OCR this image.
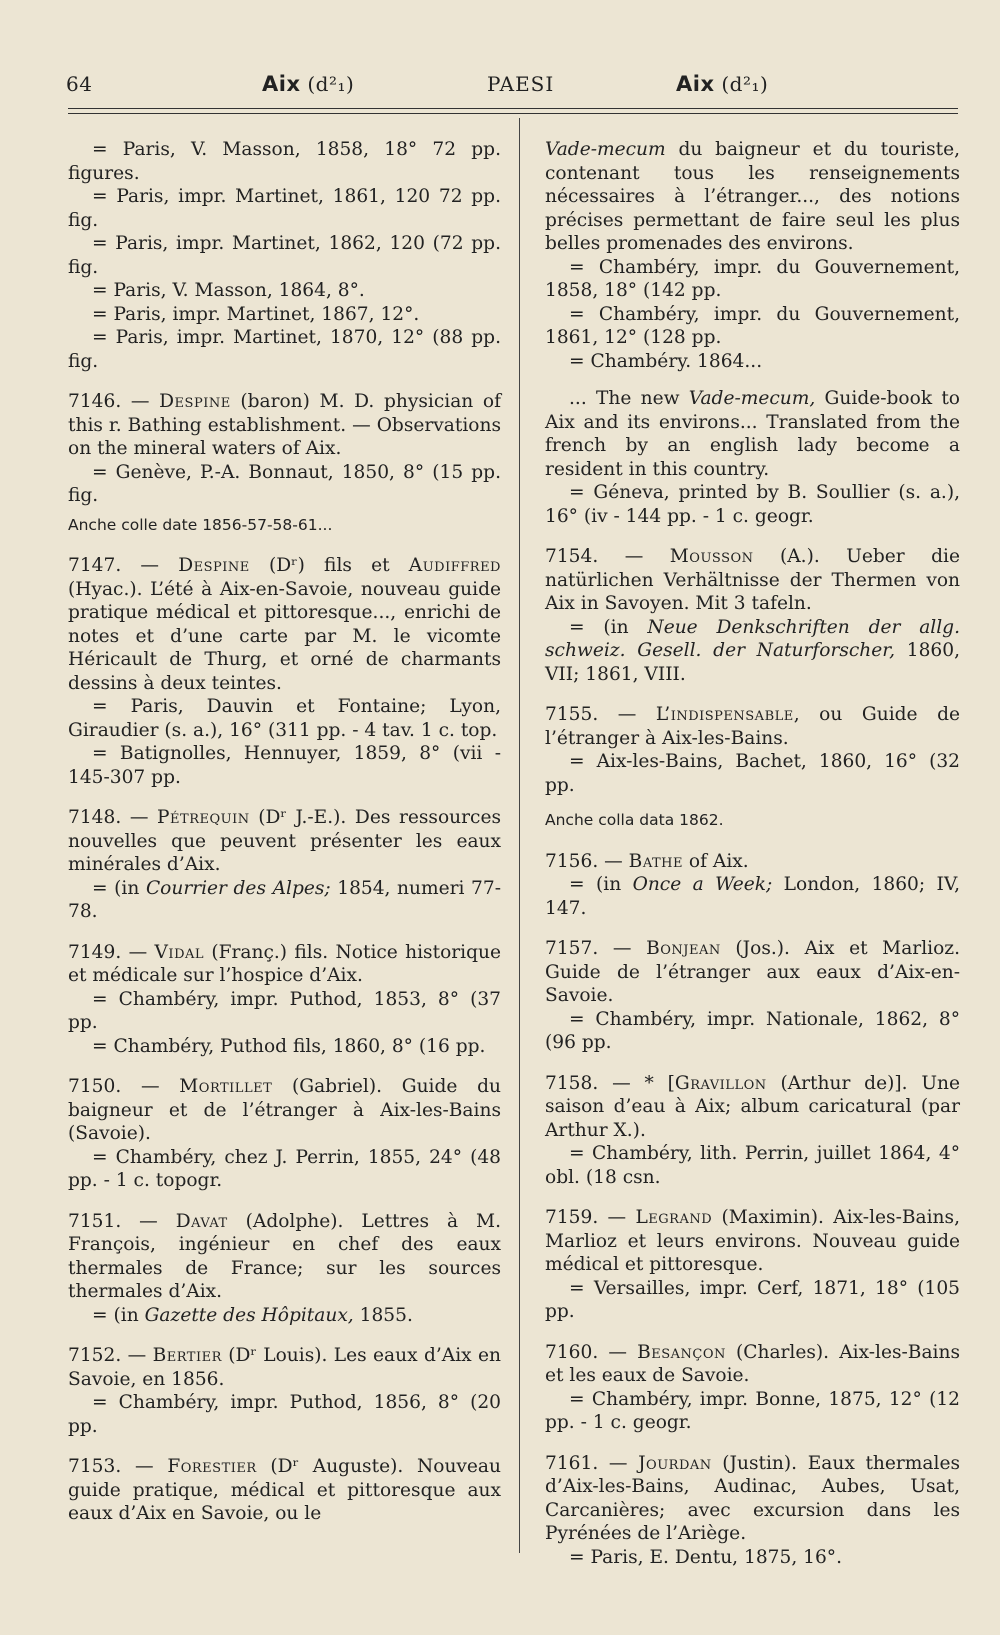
64	Aix (d²₁)	PAESI	Aix (d²₁)

= Paris, V. Masson, 1858, 18° 72 pp. figures.

= Paris, impr. Martinet, 1861, 120 72 pp. fig.

= Paris, impr. Martinet, 1862, 120 (72 pp. fig.

= Paris, V. Masson, 1864, 8°.

= Paris, impr. Martinet, 1867, 12°.

= Paris, impr. Martinet, 1870, 12° (88 pp. fig.

7146. — Despine (baron) M. D. physician of this r. Bathing establishment. — Observations on the mineral waters of Aix.

= Genève, P.-A. Bonnaut, 1850, 8° (15 pp. fig.

Anche colle date 1856-57-58-61...

7147. — Despine (Dʳ) fils et Audiffred (Hyac.). L’été à Aix-en-Savoie, nouveau guide pratique médical et pittoresque..., enrichi de notes et d’une carte par M. le vicomte Héricault de Thurg, et orné de charmants dessins à deux teintes.

= Paris, Dauvin et Fontaine; Lyon, Giraudier (s. a.), 16° (311 pp. - 4 tav. 1 c. top.

= Batignolles, Hennuyer, 1859, 8° (vii - 145-307 pp.

7148. — Pétrequin (Dʳ J.-E.). Des ressources nouvelles que peuvent présenter les eaux minérales d’Aix.

= (in Courrier des Alpes; 1854, numeri 77-78.

7149. — Vidal (Franç.) fils. Notice historique et médicale sur l’hospice d’Aix.

= Chambéry, impr. Puthod, 1853, 8° (37 pp.

= Chambéry, Puthod fils, 1860, 8° (16 pp.

7150. — Mortillet (Gabriel). Guide du baigneur et de l’étranger à Aix-les-Bains (Savoie).

= Chambéry, chez J. Perrin, 1855, 24° (48 pp. - 1 c. topogr.

7151. — Davat (Adolphe). Lettres à M. François, ingénieur en chef des eaux thermales de France; sur les sources thermales d’Aix.

= (in Gazette des Hôpitaux, 1855.

7152. — Bertier (Dʳ Louis). Les eaux d’Aix en Savoie, en 1856.

= Chambéry, impr. Puthod, 1856, 8° (20 pp.

7153. — Forestier (Dʳ Auguste). Nouveau guide pratique, médical et pittoresque aux eaux d’Aix en Savoie, ou le

Vade-mecum du baigneur et du touriste, contenant tous les renseignements nécessaires à l’étranger..., des notions précises permettant de faire seul les plus belles promenades des environs.

= Chambéry, impr. du Gouvernement, 1858, 18° (142 pp.

= Chambéry, impr. du Gouvernement, 1861, 12° (128 pp.

= Chambéry. 1864...

... The new Vade-mecum, Guide-book to Aix and its environs... Translated from the french by an english lady become a resident in this country.

= Géneva, printed by B. Soullier (s. a.), 16° (iv - 144 pp. - 1 c. geogr.

7154. — Mousson (A.). Ueber die natürlichen Verhältnisse der Thermen von Aix in Savoyen. Mit 3 tafeln.

= (in Neue Denkschriften der allg. schweiz. Gesell. der Naturforscher, 1860, VII; 1861, VIII.

7155. — L’indispensable, ou Guide de l’étranger à Aix-les-Bains.

= Aix-les-Bains, Bachet, 1860, 16° (32 pp.

Anche colla data 1862.

7156. — Bathe of Aix.

= (in Once a Week; London, 1860; IV, 147.

7157. — Bonjean (Jos.). Aix et Marlioz. Guide de l’étranger aux eaux d’Aix-en-Savoie.

= Chambéry, impr. Nationale, 1862, 8° (96 pp.

7158. — * [Gravillon (Arthur de)]. Une saison d’eau à Aix; album caricatural (par Arthur X.).

= Chambéry, lith. Perrin, juillet 1864, 4° obl. (18 csn.

7159. — Legrand (Maximin). Aix-les-Bains, Marlioz et leurs environs. Nouveau guide médical et pittoresque.

= Versailles, impr. Cerf, 1871, 18° (105 pp.

7160. — Besançon (Charles). Aix-les-Bains et les eaux de Savoie.

= Chambéry, impr. Bonne, 1875, 12° (12 pp. - 1 c. geogr.

7161. — Jourdan (Justin). Eaux thermales d’Aix-les-Bains, Audinac, Aubes, Usat, Carcanières; avec excursion dans les Pyrénées de l’Ariège.

= Paris, E. Dentu, 1875, 16°.
